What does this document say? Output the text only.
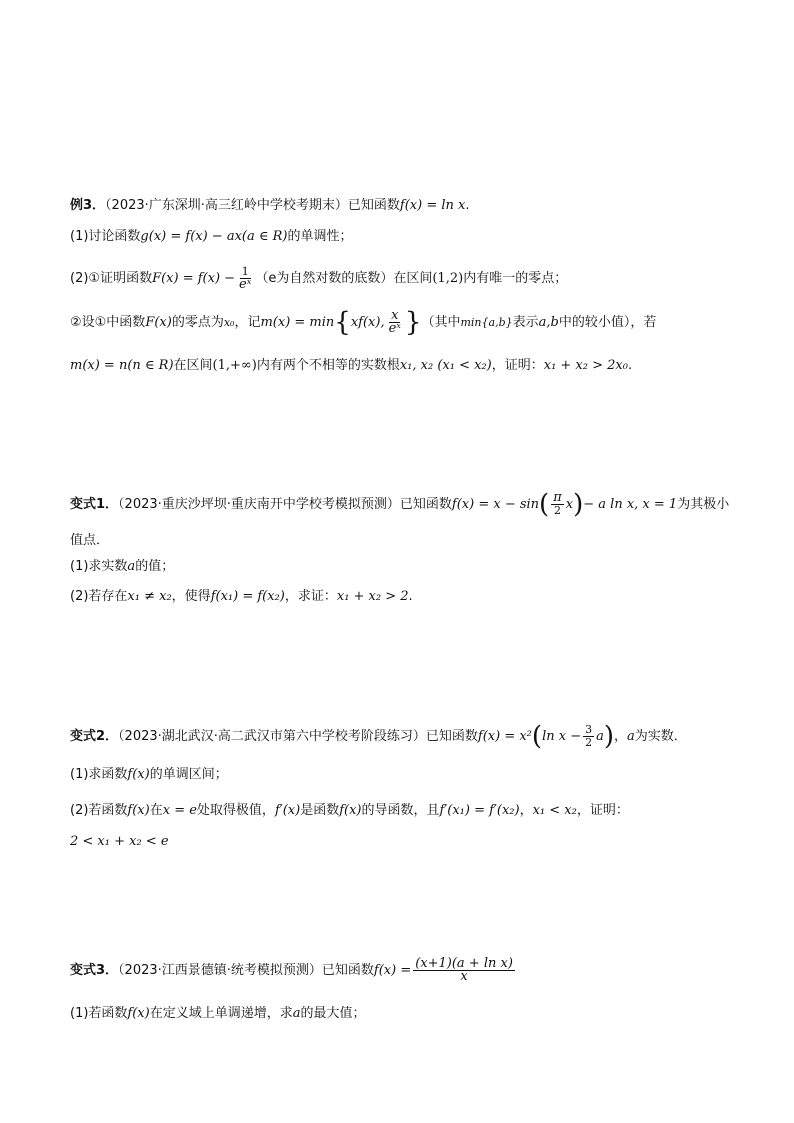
例3．（2023·广东深圳·高三红岭中学校考期末）已知函数f(x) = ln x.
(1)讨论函数g(x) = f(x) − ax(a ∈ R)的单调性；
(2)①证明函数$F(x) = f(x) - \frac{1}{\text{eˣ}} (e$为自然对数的底数）在区间(1,2)内有唯一的零点；
②设①中函数F(x)的零点为x₀，记m(x) = min{xf(x), $\frac{x}{\text{eˣ}}$ }（其中min{a,b}表示a,b中的较小值），若
m(x) = n(n ∈ R)在区间(1,+∞)内有两个不相等的实数根x₁, x₂ (x₁ < x₂)，证明：x₁ + x₂ > 2x₀.
变式1．（2023·重庆沙坪坝·重庆南开中学校考模拟预测）已知函数$f(x) = x - \sin( \frac{\pi}{2} x)- a$ ln x, x = 1为其极小
值点．
(1)求实数a的值；
(2)若存在x₁ ≠ x₂，使得f(x₁) = f(x₂)，求证：x₁ + x₂ > 2.
变式2．（2023·湖北武汉·高二武汉市第六中学校考阶段练习）已知函数f(x) = x²(ln $x - \frac{3}{2} a$)，a为实数．
(1)求函数f(x)的单调区间；
(2)若函数f(x)在x = e处取得极值，f′(x)是函数f(x)的导函数，且f′(x₁) = f′(x₂)，x₁ < x₂，证明：
2 < x₁ + x₂ < e
变式3．（2023·江西景德镇·统考模拟预测）已知函数$f(x) = \frac{\text{(x+1)(a + ln x)}}{x}$
(1)若函数f(x)在定义域上单调递增，求a的最大值；
